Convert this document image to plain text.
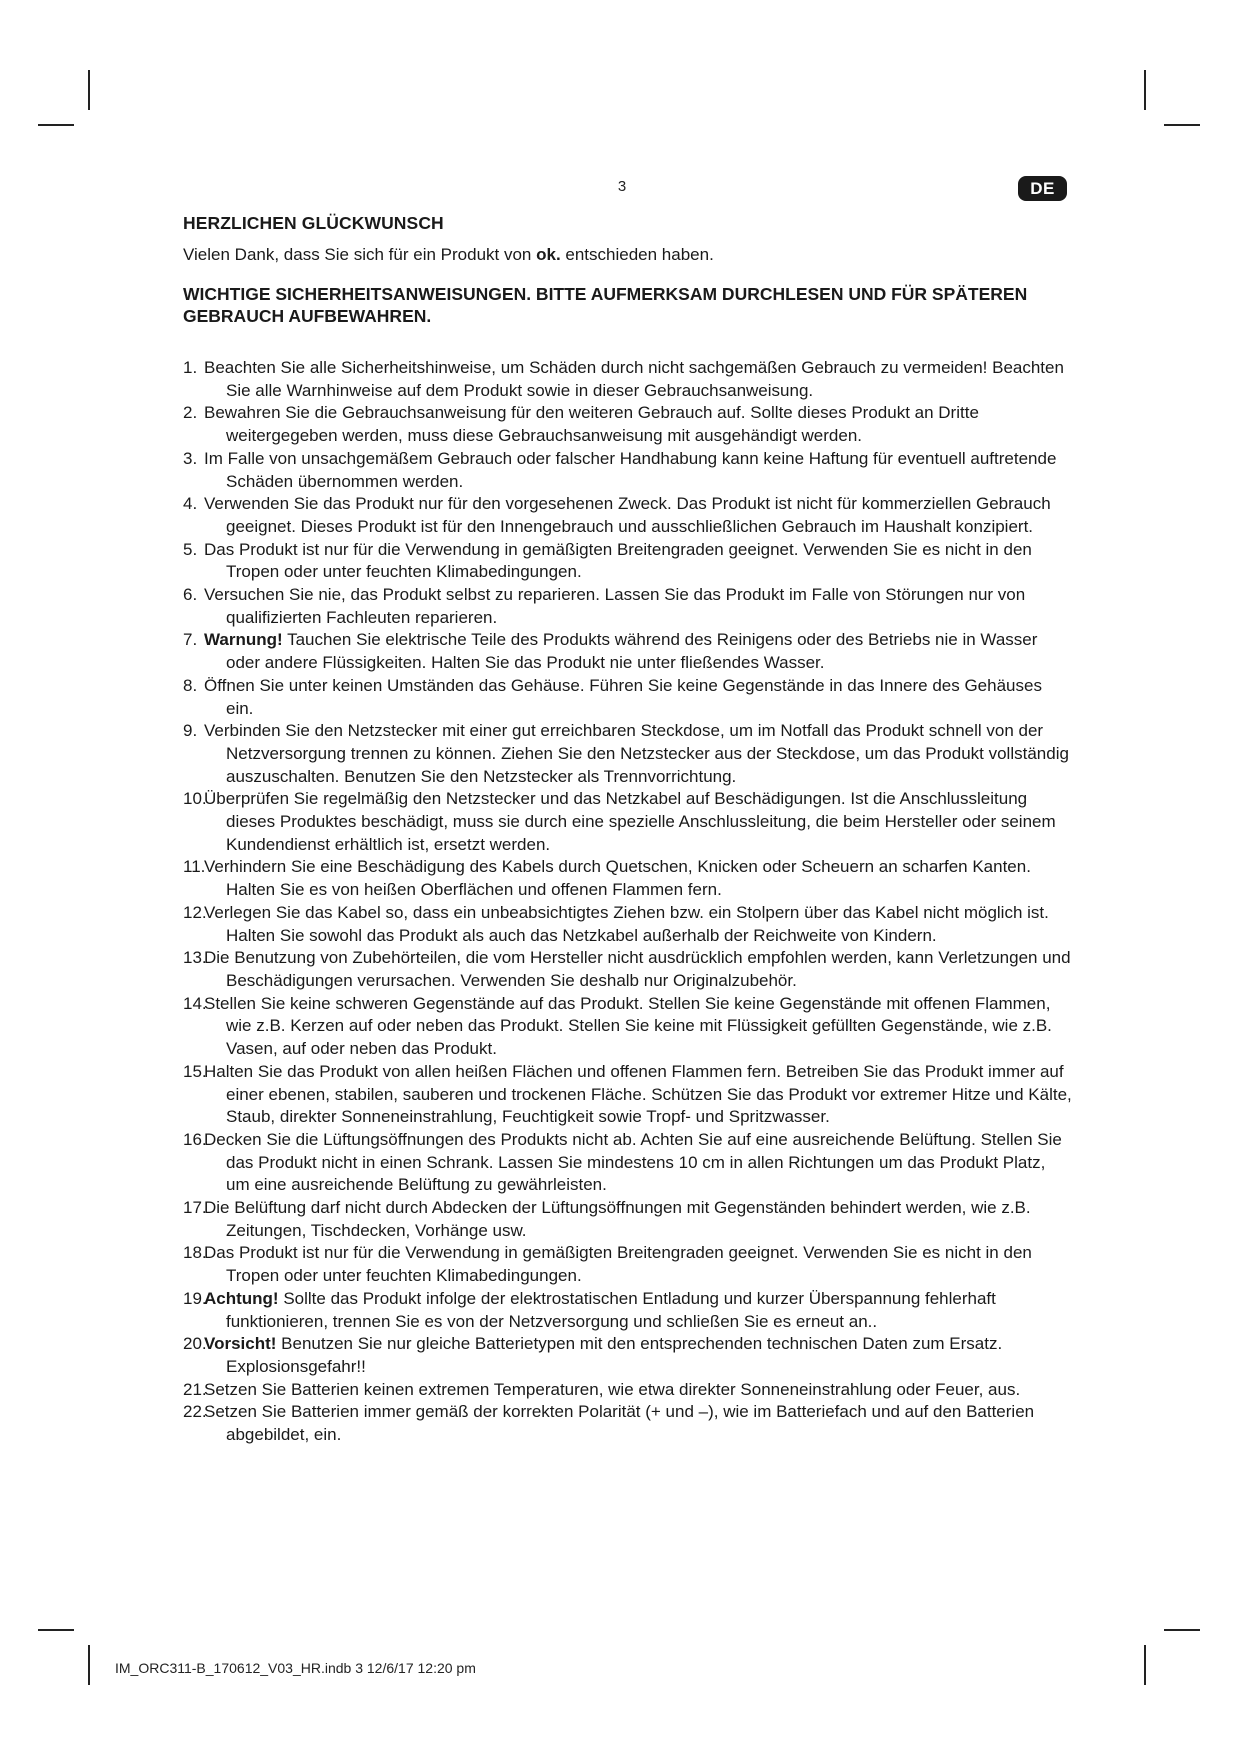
3	DE
HERZLICHEN GLÜCKWUNSCH

Vielen Dank, dass Sie sich für ein Produkt von ok. entschieden haben.

WICHTIGE SICHERHEITSANWEISUNGEN. BITTE AUFMERKSAM DURCHLESEN UND FÜR SPÄTEREN GEBRAUCH AUFBEWAHREN.
1. Beachten Sie alle Sicherheitshinweise, um Schäden durch nicht sachgemäßen Gebrauch zu vermeiden! Beachten Sie alle Warnhinweise auf dem Produkt sowie in dieser Gebrauchsanweisung.
2. Bewahren Sie die Gebrauchsanweisung für den weiteren Gebrauch auf. Sollte dieses Produkt an Dritte weitergegeben werden, muss diese Gebrauchsanweisung mit ausgehändigt werden.
3. Im Falle von unsachgemäßem Gebrauch oder falscher Handhabung kann keine Haftung für eventuell auftretende Schäden übernommen werden.
4. Verwenden Sie das Produkt nur für den vorgesehenen Zweck. Das Produkt ist nicht für kommerziellen Gebrauch geeignet. Dieses Produkt ist für den Innengebrauch und ausschließlichen Gebrauch im Haushalt konzipiert.
5. Das Produkt ist nur für die Verwendung in gemäßigten Breitengraden geeignet. Verwenden Sie es nicht in den Tropen oder unter feuchten Klimabedingungen.
6. Versuchen Sie nie, das Produkt selbst zu reparieren. Lassen Sie das Produkt im Falle von Störungen nur von qualifizierten Fachleuten reparieren.
7. Warnung! Tauchen Sie elektrische Teile des Produkts während des Reinigens oder des Betriebs nie in Wasser oder andere Flüssigkeiten. Halten Sie das Produkt nie unter fließendes Wasser.
8. Öffnen Sie unter keinen Umständen das Gehäuse. Führen Sie keine Gegenstände in das Innere des Gehäuses ein.
9. Verbinden Sie den Netzstecker mit einer gut erreichbaren Steckdose, um im Notfall das Produkt schnell von der Netzversorgung trennen zu können. Ziehen Sie den Netzstecker aus der Steckdose, um das Produkt vollständig auszuschalten. Benutzen Sie den Netzstecker als Trennvorrichtung.
10.
Überprüfen Sie regelmäßig den Netzstecker und das Netzkabel auf Beschädigungen. Ist die Anschlussleitung dieses Produktes beschädigt, muss sie durch eine spezielle Anschlussleitung, die beim Hersteller oder seinem Kundendienst erhältlich ist, ersetzt werden.
11.
Verhindern Sie eine Beschädigung des Kabels durch Quetschen, Knicken oder Scheuern an scharfen Kanten. Halten Sie es von heißen Oberflächen und offenen Flammen fern.
12.
Verlegen Sie das Kabel so, dass ein unbeabsichtigtes Ziehen bzw. ein Stolpern über das Kabel nicht möglich ist. Halten Sie sowohl das Produkt als auch das Netzkabel außerhalb der Reichweite von Kindern.
13.
Die Benutzung von Zubehörteilen, die vom Hersteller nicht ausdrücklich empfohlen werden, kann Verletzungen und Beschädigungen verursachen. Verwenden Sie deshalb nur Originalzubehör.
14.
Stellen Sie keine schweren Gegenstände auf das Produkt. Stellen Sie keine Gegenstände mit offenen Flammen, wie z.B. Kerzen auf oder neben das Produkt. Stellen Sie keine mit Flüssigkeit gefüllten Gegenstände, wie z.B. Vasen, auf oder neben das Produkt.
15.
Halten Sie das Produkt von allen heißen Flächen und offenen Flammen fern. Betreiben Sie das Produkt immer auf einer ebenen, stabilen, sauberen und trockenen Fläche. Schützen Sie das Produkt vor extremer Hitze und Kälte, Staub, direkter Sonneneinstrahlung, Feuchtigkeit sowie Tropf- und Spritzwasser.
16.
Decken Sie die Lüftungsöffnungen des Produkts nicht ab. Achten Sie auf eine ausreichende Belüftung. Stellen Sie das Produkt nicht in einen Schrank. Lassen Sie mindestens 10 cm in allen Richtungen um das Produkt Platz, um eine ausreichende Belüftung zu gewährleisten.
17.
Die Belüftung darf nicht durch Abdecken der Lüftungsöffnungen mit Gegenständen behindert werden, wie z.B. Zeitungen, Tischdecken, Vorhänge usw.
18.
Das Produkt ist nur für die Verwendung in gemäßigten Breitengraden geeignet. Verwenden Sie es nicht in den Tropen oder unter feuchten Klimabedingungen.
19.
Achtung! Sollte das Produkt infolge der elektrostatischen Entladung und kurzer Überspannung fehlerhaft funktionieren, trennen Sie es von der Netzversorgung und schließen Sie es erneut an..
20.
Vorsicht! Benutzen Sie nur gleiche Batterietypen mit den entsprechenden technischen Daten zum Ersatz. Explosionsgefahr!!
21.
Setzen Sie Batterien keinen extremen Temperaturen, wie etwa direkter Sonneneinstrahlung oder Feuer, aus.
22.
Setzen Sie Batterien immer gemäß der korrekten Polarität (+ und –), wie im Batteriefach und auf den Batterien abgebildet, ein.
IM_ORC311-B_170612_V03_HR.indb 3 12/6/17 12:20 pm
